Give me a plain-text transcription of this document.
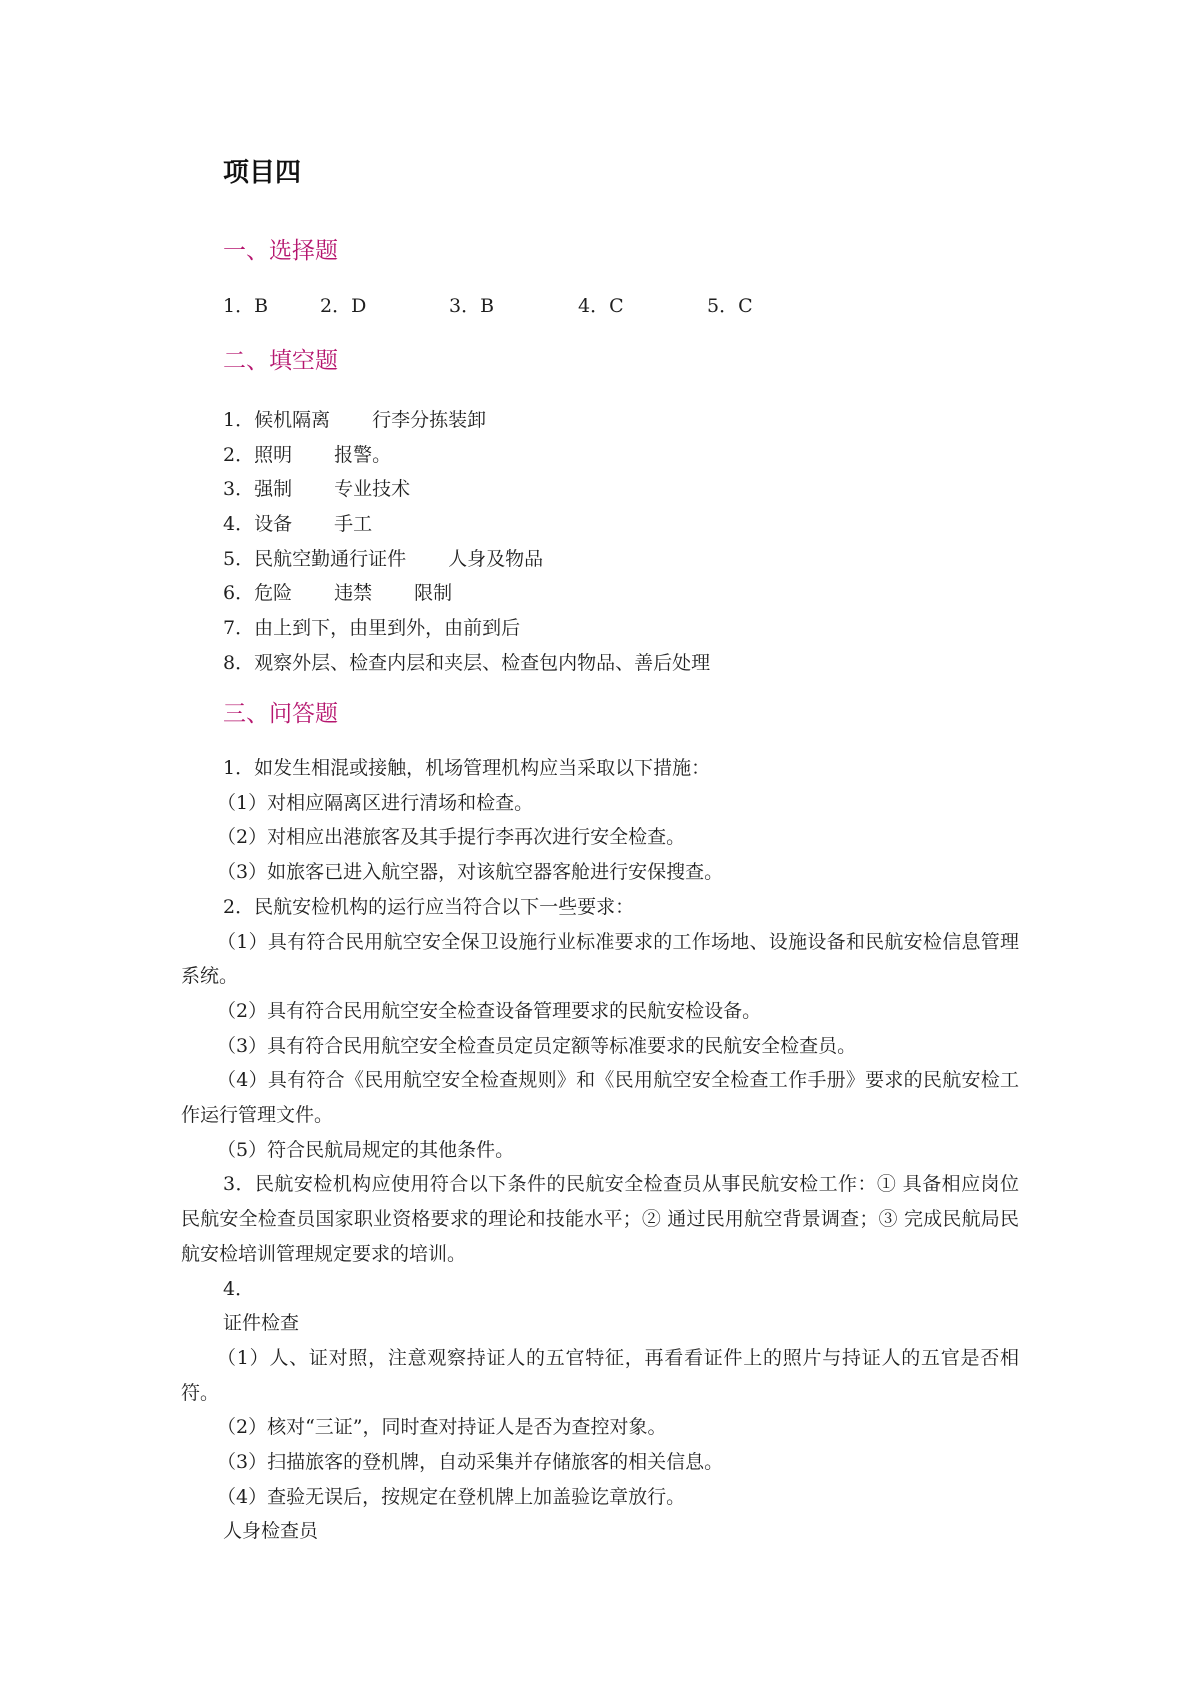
项目四
一、选择题
1．B	2．D	3．B	4．C	5．C
二、填空题
1．候机隔离 行李分拣装卸
2．照明 报警。
3．强制 专业技术
4．设备 手工
5．民航空勤通行证件 人身及物品
6．危险 违禁 限制
7．由上到下，由里到外，由前到后
8．观察外层、检查内层和夹层、检查包内物品、善后处理
三、问答题

1．如发生相混或接触，机场管理机构应当采取以下措施：

（1）对相应隔离区进行清场和检查。

（2）对相应出港旅客及其手提行李再次进行安全检查。

（3）如旅客已进入航空器，对该航空器客舱进行安保搜查。

2．民航安检机构的运行应当符合以下一些要求：

（1）具有符合民用航空安全保卫设施行业标准要求的工作场地、设施设备和民航安检信息管理系统。

（2）具有符合民用航空安全检查设备管理要求的民航安检设备。

（3）具有符合民用航空安全检查员定员定额等标准要求的民航安全检查员。

（4）具有符合《民用航空安全检查规则》和《民用航空安全检查工作手册》要求的民航安检工作运行管理文件。

（5）符合民航局规定的其他条件。

3．民航安检机构应使用符合以下条件的民航安全检查员从事民航安检工作：① 具备相应岗位民航安全检查员国家职业资格要求的理论和技能水平；② 通过民用航空背景调查；③ 完成民航局民航安检培训管理规定要求的培训。

4．

证件检查

（1）人、证对照，注意观察持证人的五官特征，再看看证件上的照片与持证人的五官是否相符。

（2）核对“三证”，同时查对持证人是否为查控对象。

（3）扫描旅客的登机牌，自动采集并存储旅客的相关信息。

（4）查验无误后，按规定在登机牌上加盖验讫章放行。

人身检查员
